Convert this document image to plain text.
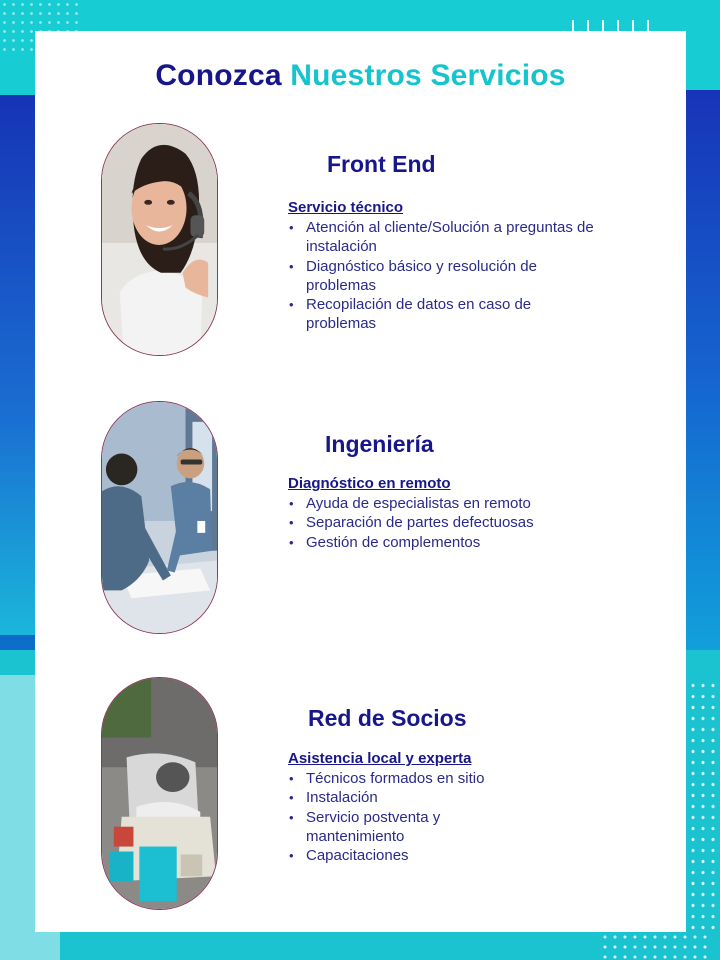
Conozca Nuestros Servicios
Front End
Servicio técnico
• Atención al cliente/Solución a preguntas de instalación
• Diagnóstico básico y resolución de problemas
• Recopilación de datos en caso de problemas
Ingeniería
Diagnóstico en remoto
• Ayuda de especialistas en remoto
• Separación de partes defectuosas
• Gestión de complementos
Red de Socios
Asistencia local y experta
• Técnicos formados en sitio
• Instalación
• Servicio postventa y mantenimiento
• Capacitaciones
